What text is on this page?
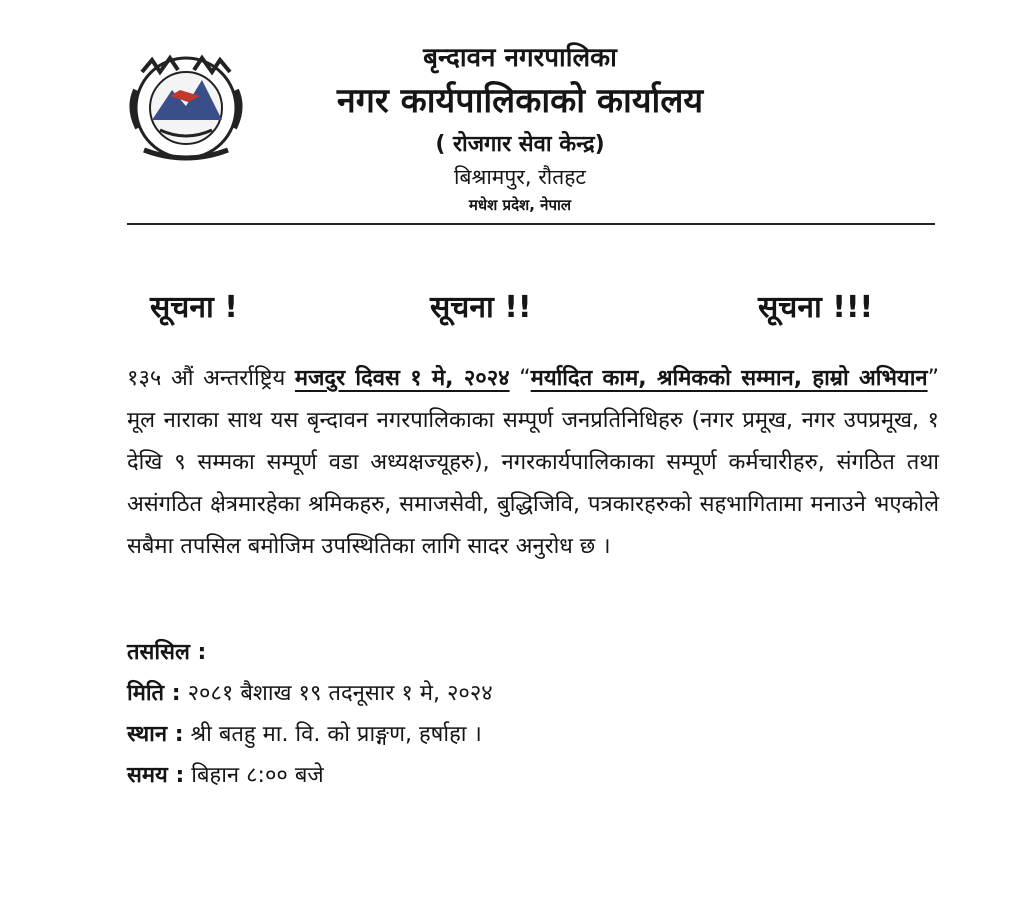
बृन्दावन नगरपालिका
नगर कार्यपालिकाको कार्यालय
( रोजगार सेवा केन्द्र)
बिश्रामपुर, रौतहट
मधेश प्रदेश, नेपाल
सूचना !	सूचना !!	सूचना !!!
१३५ औं अन्तर्राष्ट्रिय मजदुर दिवस १ मे, २०२४ “मर्यादित काम, श्रमिकको सम्मान, हाम्रो अभियान” मूल नाराका साथ यस बृन्दावन नगरपालिकाका सम्पूर्ण जनप्रतिनिधिहरु (नगर प्रमूख, नगर उपप्रमूख, १ देखि ९ सम्मका सम्पूर्ण वडा अध्यक्षज्यूहरु), नगरकार्यपालिकाका सम्पूर्ण कर्मचारीहरु, संगठित तथा असंगठित क्षेत्रमारहेका श्रमिकहरु, समाजसेवी, बुद्धिजिवि, पत्रकारहरुको सहभागितामा मनाउने भएकोले सबैमा तपसिल बमोजिम उपस्थितिका लागि सादर अनुरोध छ ।
तससिल :
मिति : २०८१ बैशाख १९ तदनूसार १ मे, २०२४
स्थान : श्री बतहु मा. वि. को प्राङ्गण, हर्षाहा ।
समय : बिहान ८:०० बजे
